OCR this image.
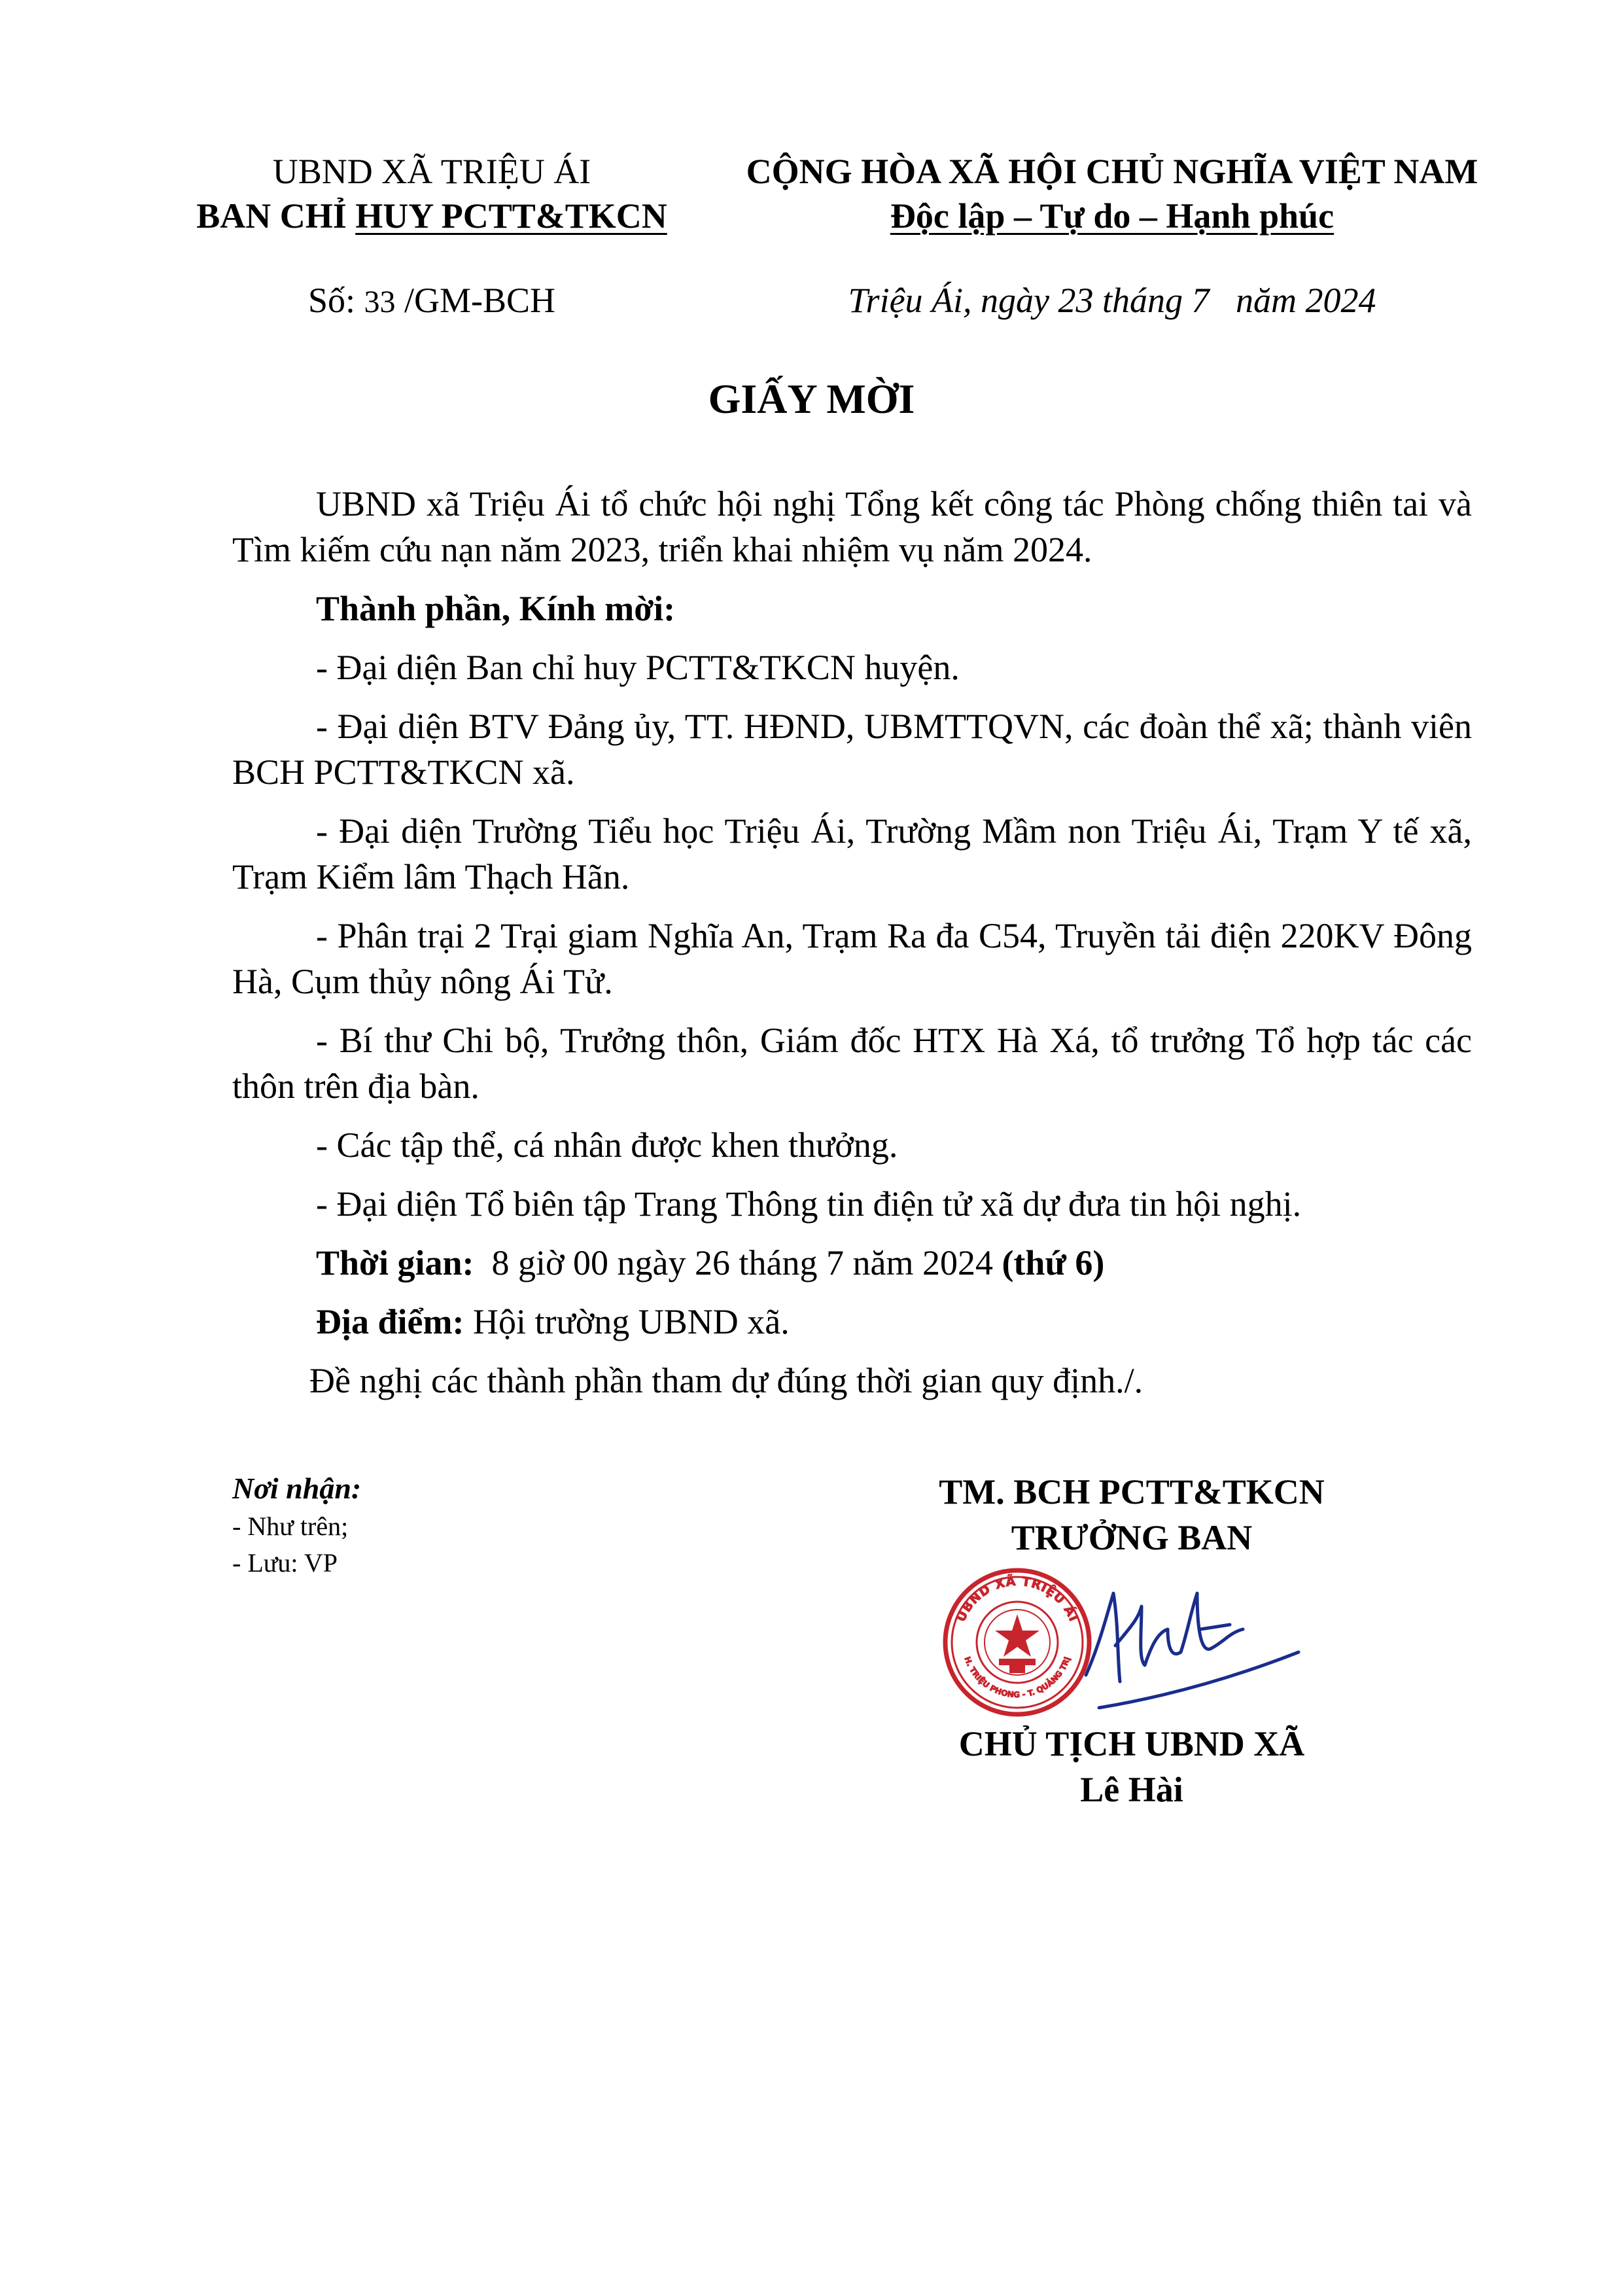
UBND XÃ TRIỆU ÁI
BAN CHỈ HUY PCTT&TKCN
CỘNG HÒA XÃ HỘI CHỦ NGHĨA VIỆT NAM
Độc lập – Tự do – Hạnh phúc
Số: 33 /GM-BCH	Triệu Ái, ngày 23 tháng 7   năm 2024
GIẤY MỜI

UBND xã Triệu Ái tổ chức hội nghị Tổng kết công tác Phòng chống thiên tai và Tìm kiếm cứu nạn năm 2023, triển khai nhiệm vụ năm 2024.

Thành phần, Kính mời:

- Đại diện Ban chỉ huy PCTT&TKCN huyện.

- Đại diện BTV Đảng ủy, TT. HĐND, UBMTTQVN, các đoàn thể xã; thành viên BCH PCTT&TKCN xã.

- Đại diện Trường Tiểu học Triệu Ái, Trường Mầm non Triệu Ái, Trạm Y tế xã, Trạm Kiểm lâm Thạch Hãn.

- Phân trại 2 Trại giam Nghĩa An, Trạm Ra đa C54, Truyền tải điện 220KV Đông Hà, Cụm thủy nông Ái Tử.

- Bí thư Chi bộ, Trưởng thôn, Giám đốc HTX Hà Xá, tổ trưởng Tổ hợp tác các thôn trên địa bàn.

- Các tập thể, cá nhân được khen thưởng.

- Đại diện Tổ biên tập Trang Thông tin điện tử xã dự đưa tin hội nghị.

Thời gian:  8 giờ 00 ngày 26 tháng 7 năm 2024 (thứ 6)

Địa điểm: Hội trường UBND xã.

Đề nghị các thành phần tham dự đúng thời gian quy định./.

Nơi nhận:
- Như trên;
- Lưu: VP
TM. BCH PCTT&TKCN
TRƯỞNG BAN
UBND XÃ TRIỆU ÁI
H. TRIỆU PHONG - T. QUẢNG TRỊ
CHỦ TỊCH UBND XÃ
Lê Hài
